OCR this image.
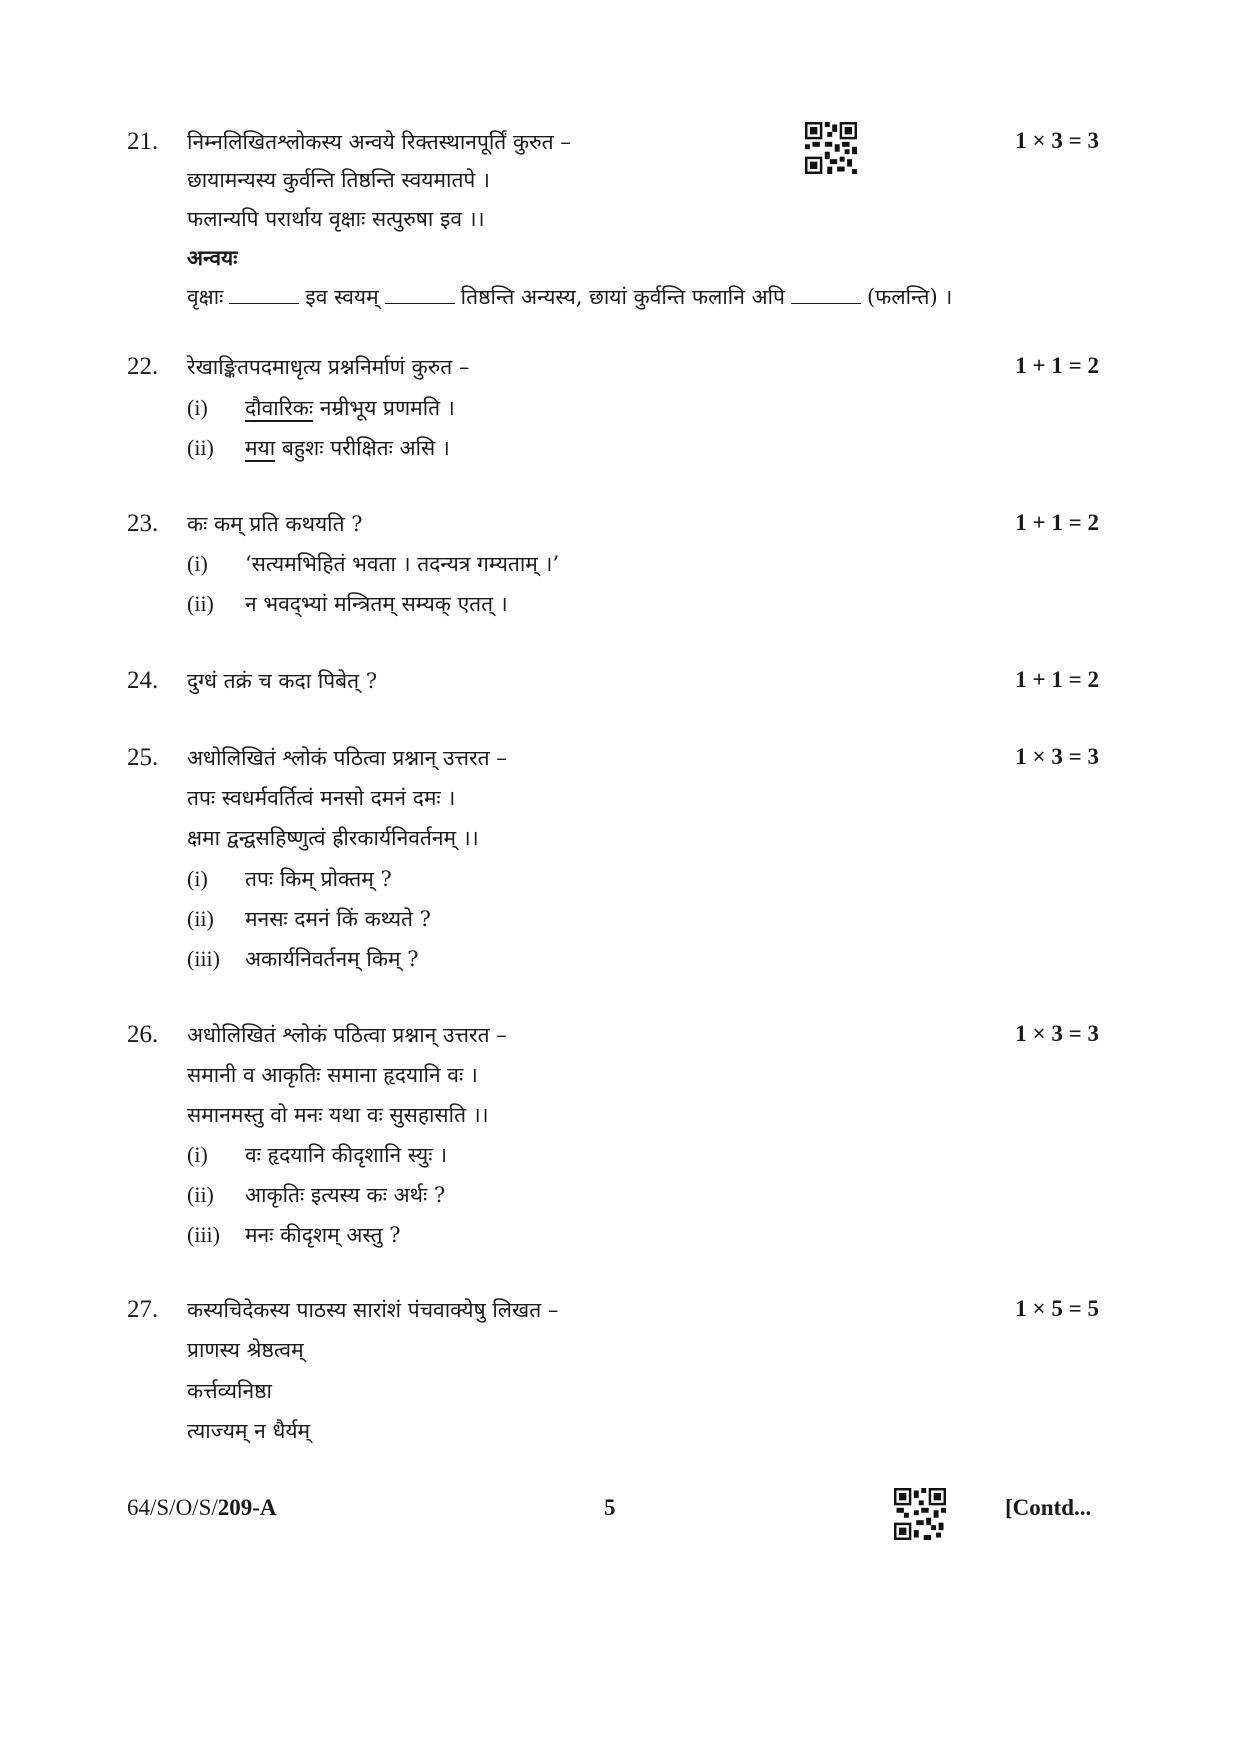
21. निम्नलिखितश्लोकस्य अन्वये रिक्तस्थानपूर्तिं कुरुत –	1 × 3 = 3
छायामन्यस्य कुर्वन्ति तिष्ठन्ति स्वयमातपे ।
फलान्यपि परार्थाय वृक्षाः सत्पुरुषा इव ।।
अन्वयः
वृक्षाः	इव स्वयम्	तिष्ठन्ति अन्यस्य, छायां कुर्वन्ति फलानि अपि	(फलन्ति) ।
22. रेखाङ्कितपदमाधृत्य प्रश्ननिर्माणं कुरुत –	1 + 1 = 2
(i) दौवारिकः नम्रीभूय प्रणमति ।
(ii) मया बहुशः परीक्षितः असि ।
23. कः कम् प्रति कथयति ?	1 + 1 = 2
(i) ‘सत्यमभिहितं भवता । तदन्यत्र गम्यताम् ।’
(ii) न भवद्भ्यां मन्त्रितम् सम्यक् एतत् ।
24. दुग्धं तक्रं च कदा पिबेत् ?	1 + 1 = 2
25. अधोलिखितं श्लोकं पठित्वा प्रश्नान् उत्तरत –	1 × 3 = 3
तपः स्वधर्मवर्तित्वं मनसो दमनं दमः ।
क्षमा द्वन्द्वसहिष्णुत्वं ह्रीरकार्यनिवर्तनम् ।।
(i) तपः किम् प्रोक्तम् ?
(ii) मनसः दमनं किं कथ्यते ?
(iii) अकार्यनिवर्तनम् किम् ?
26. अधोलिखितं श्लोकं पठित्वा प्रश्नान् उत्तरत –	1 × 3 = 3
समानी व आकृतिः समाना हृदयानि वः ।
समानमस्तु वो मनः यथा वः सुसहासति ।।
(i) वः हृदयानि कीदृशानि स्युः ।
(ii) आकृतिः इत्यस्य कः अर्थः ?
(iii) मनः कीदृशम् अस्तु ?
27. कस्यचिदेकस्य पाठस्य सारांशं पंचवाक्येषु लिखत –	1 × 5 = 5
प्राणस्य श्रेष्ठत्वम्
कर्त्तव्यनिष्ठा
त्याज्यम् न धैर्यम्
64/S/O/S/209-A	5	[Contd...
